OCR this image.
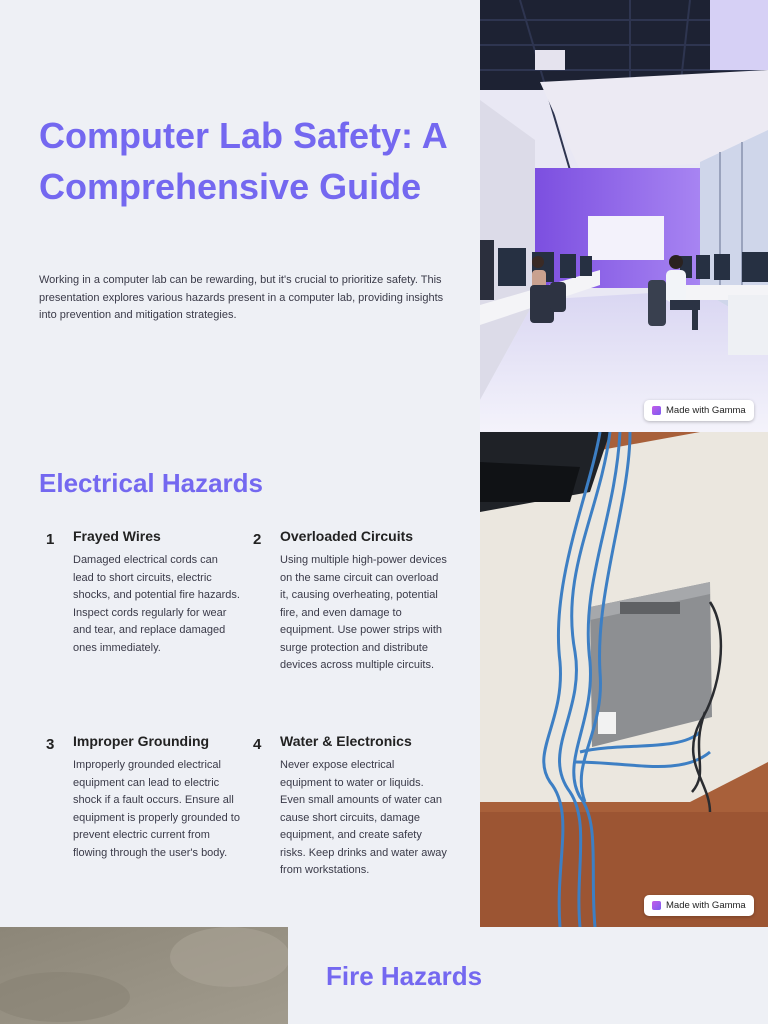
Computer Lab Safety: A Comprehensive Guide

Working in a computer lab can be rewarding, but it's crucial to prioritize safety. This presentation explores various hazards present in a computer lab, providing insights into prevention and mitigation strategies.

Made with Gamma
Electrical Hazards
1 Frayed Wires

Damaged electrical cords can lead to short circuits, electric shocks, and potential fire hazards. Inspect cords regularly for wear and tear, and replace damaged ones immediately.

2 Overloaded Circuits

Using multiple high-power devices on the same circuit can overload it, causing overheating, potential fire, and even damage to equipment. Use power strips with surge protection and distribute devices across multiple circuits.

3 Improper Grounding

Improperly grounded electrical equipment can lead to electric shock if a fault occurs. Ensure all equipment is properly grounded to prevent electric current from flowing through the user's body.

4 Water & Electronics

Never expose electrical equipment to water or liquids. Even small amounts of water can cause short circuits, damage equipment, and create safety risks. Keep drinks and water away from workstations.

Made with Gamma
Fire Hazards
